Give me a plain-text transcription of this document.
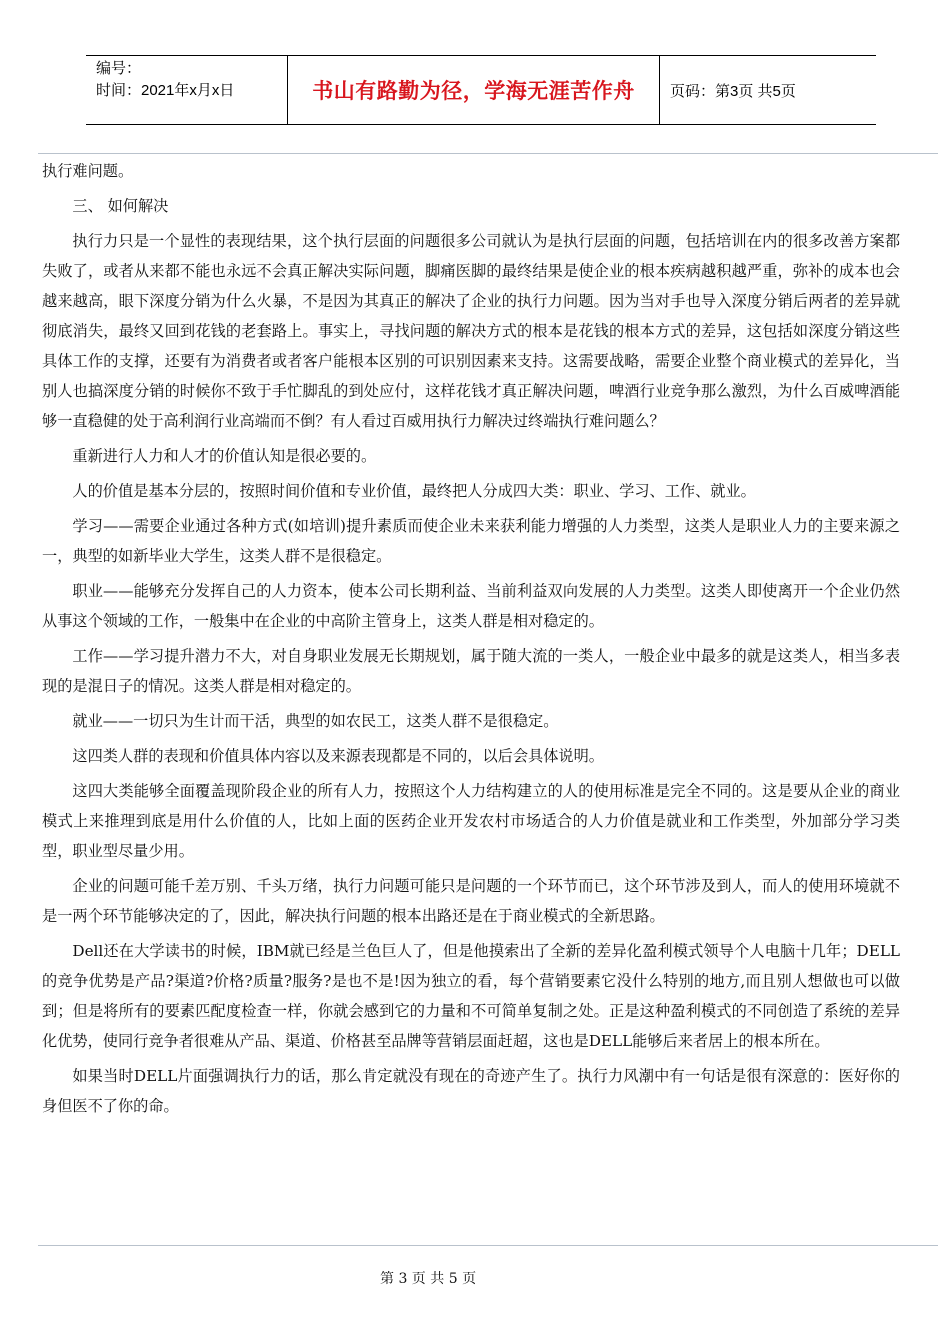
编号：
时间：2021年x月x日	书山有路勤为径，学海无涯苦作舟 页码：第3页 共5页

执行难问题。

三、 如何解决

执行力只是一个显性的表现结果，这个执行层面的问题很多公司就认为是执行层面的问题，包括培训在内的很多改善方案都失败了，或者从来都不能也永远不会真正解决实际问题，脚痛医脚的最终结果是使企业的根本疾病越积越严重，弥补的成本也会越来越高，眼下深度分销为什么火暴，不是因为其真正的解决了企业的执行力问题。因为当对手也导入深度分销后两者的差异就彻底消失，最终又回到花钱的老套路上。事实上，寻找问题的解决方式的根本是花钱的根本方式的差异，这包括如深度分销这些具体工作的支撑，还要有为消费者或者客户能根本区别的可识别因素来支持。这需要战略，需要企业整个商业模式的差异化，当别人也搞深度分销的时候你不致于手忙脚乱的到处应付，这样花钱才真正解决问题，啤酒行业竞争那么激烈，为什么百威啤酒能够一直稳健的处于高利润行业高端而不倒？有人看过百威用执行力解决过终端执行难问题么？

重新进行人力和人才的价值认知是很必要的。

人的价值是基本分层的，按照时间价值和专业价值，最终把人分成四大类：职业、学习、工作、就业。

学习——需要企业通过各种方式(如培训)提升素质而使企业未来获利能力增强的人力类型，这类人是职业人力的主要来源之一，典型的如新毕业大学生，这类人群不是很稳定。

职业——能够充分发挥自己的人力资本，使本公司长期利益、当前利益双向发展的人力类型。这类人即使离开一个企业仍然从事这个领域的工作，一般集中在企业的中高阶主管身上，这类人群是相对稳定的。

工作——学习提升潜力不大，对自身职业发展无长期规划，属于随大流的一类人，一般企业中最多的就是这类人，相当多表现的是混日子的情况。这类人群是相对稳定的。

就业——一切只为生计而干活，典型的如农民工，这类人群不是很稳定。

这四类人群的表现和价值具体内容以及来源表现都是不同的，以后会具体说明。

这四大类能够全面覆盖现阶段企业的所有人力，按照这个人力结构建立的人的使用标准是完全不同的。这是要从企业的商业模式上来推理到底是用什么价值的人，比如上面的医药企业开发农村市场适合的人力价值是就业和工作类型，外加部分学习类型，职业型尽量少用。

企业的问题可能千差万别、千头万绪，执行力问题可能只是问题的一个环节而已，这个环节涉及到人，而人的使用环境就不是一两个环节能够决定的了，因此，解决执行问题的根本出路还是在于商业模式的全新思路。

Dell还在大学读书的时候，IBM就已经是兰色巨人了，但是他摸索出了全新的差异化盈利模式领导个人电脑十几年；DELL的竞争优势是产品?渠道?价格?质量?服务?是也不是!因为独立的看，每个营销要素它没什么特别的地方,而且别人想做也可以做到；但是将所有的要素匹配度检查一样，你就会感到它的力量和不可简单复制之处。正是这种盈利模式的不同创造了系统的差异化优势，使同行竞争者很难从产品、渠道、价格甚至品牌等营销层面赶超，这也是DELL能够后来者居上的根本所在。

如果当时DELL片面强调执行力的话，那么肯定就没有现在的奇迹产生了。执行力风潮中有一句话是很有深意的：医好你的身但医不了你的命。

第 3 页 共 5 页
